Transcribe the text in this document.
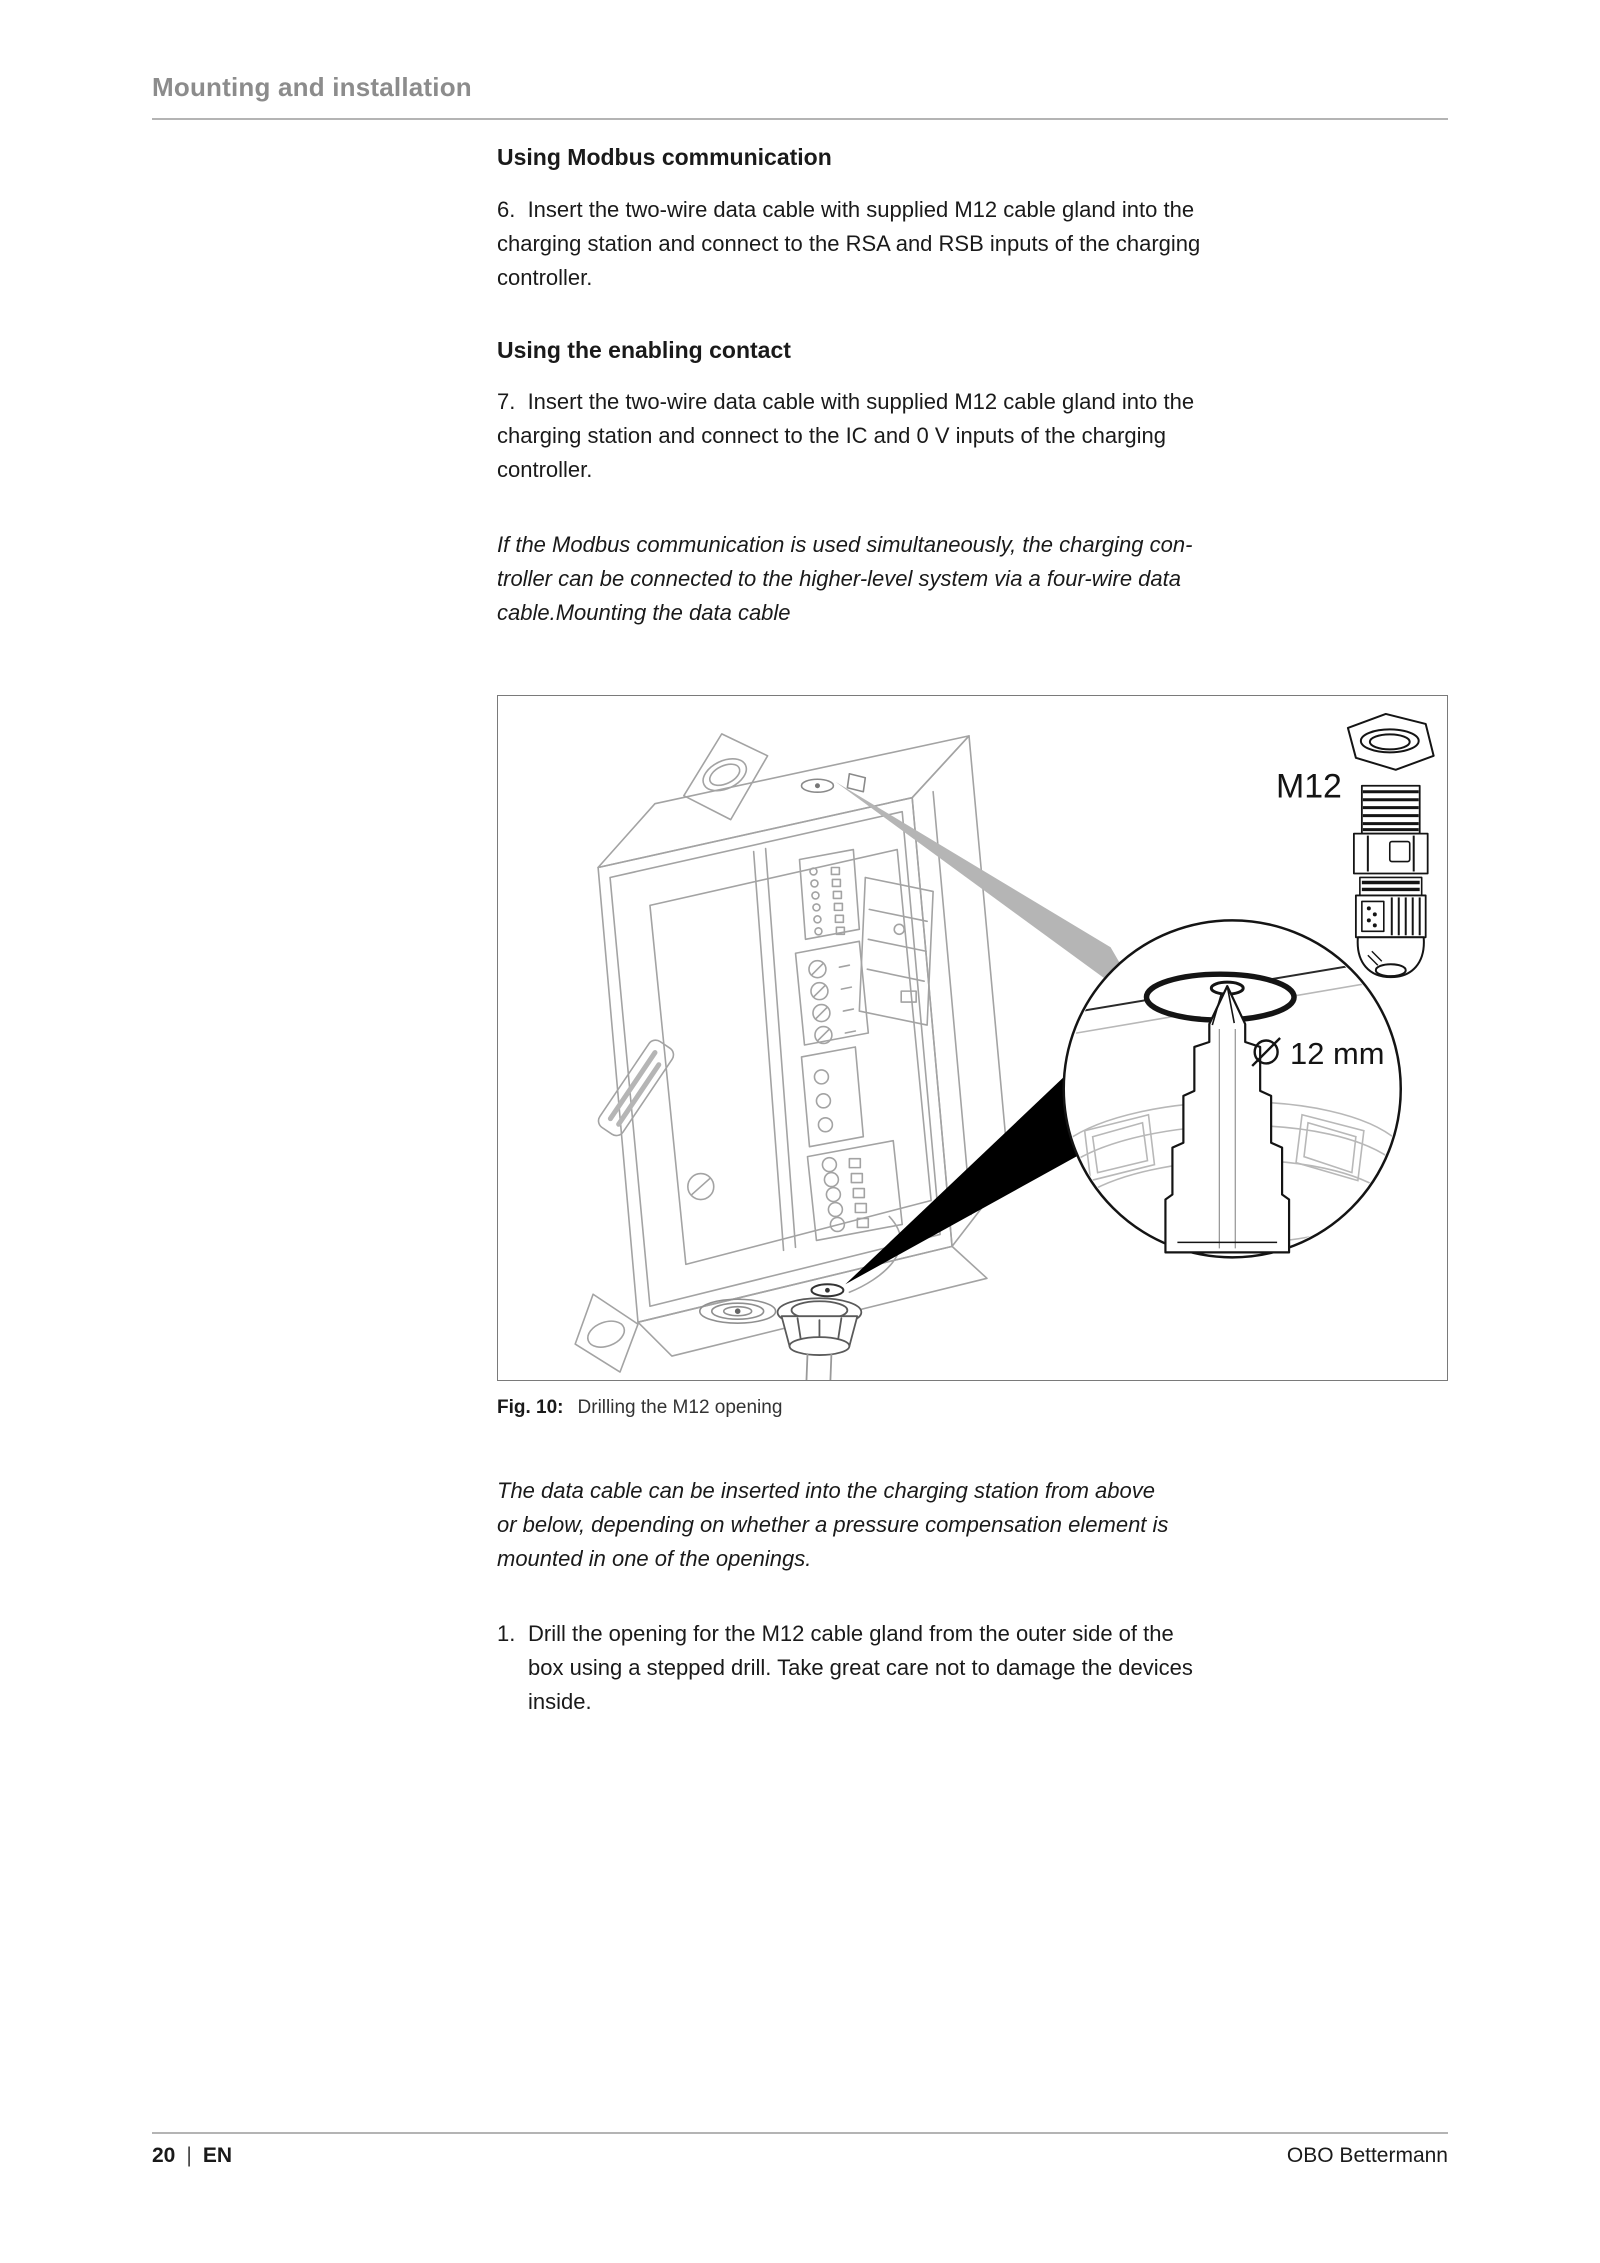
Mounting and installation
Using Modbus communication
6.  Insert the two-wire data cable with supplied M12 cable gland into the
charging station and connect to the RSA and RSB inputs of the charging
controller.
Using the enabling contact
7.  Insert the two-wire data cable with supplied M12 cable gland into the
charging station and connect to the IC and 0 V inputs of the charging
controller.
If the Modbus communication is used simultaneously, the charging con-
troller can be connected to the higher-level system via a four-wire data
cable.Mounting the data cable
12 mm
M12
Fig. 10: Drilling the M12 opening
The data cable can be inserted into the charging station from above
or below, depending on whether a pressure compensation element is
mounted in one of the openings.
1. Drill the opening for the M12 cable gland from the outer side of the
box using a stepped drill. Take great care not to damage the devices
inside.
20 | EN	OBO Bettermann
